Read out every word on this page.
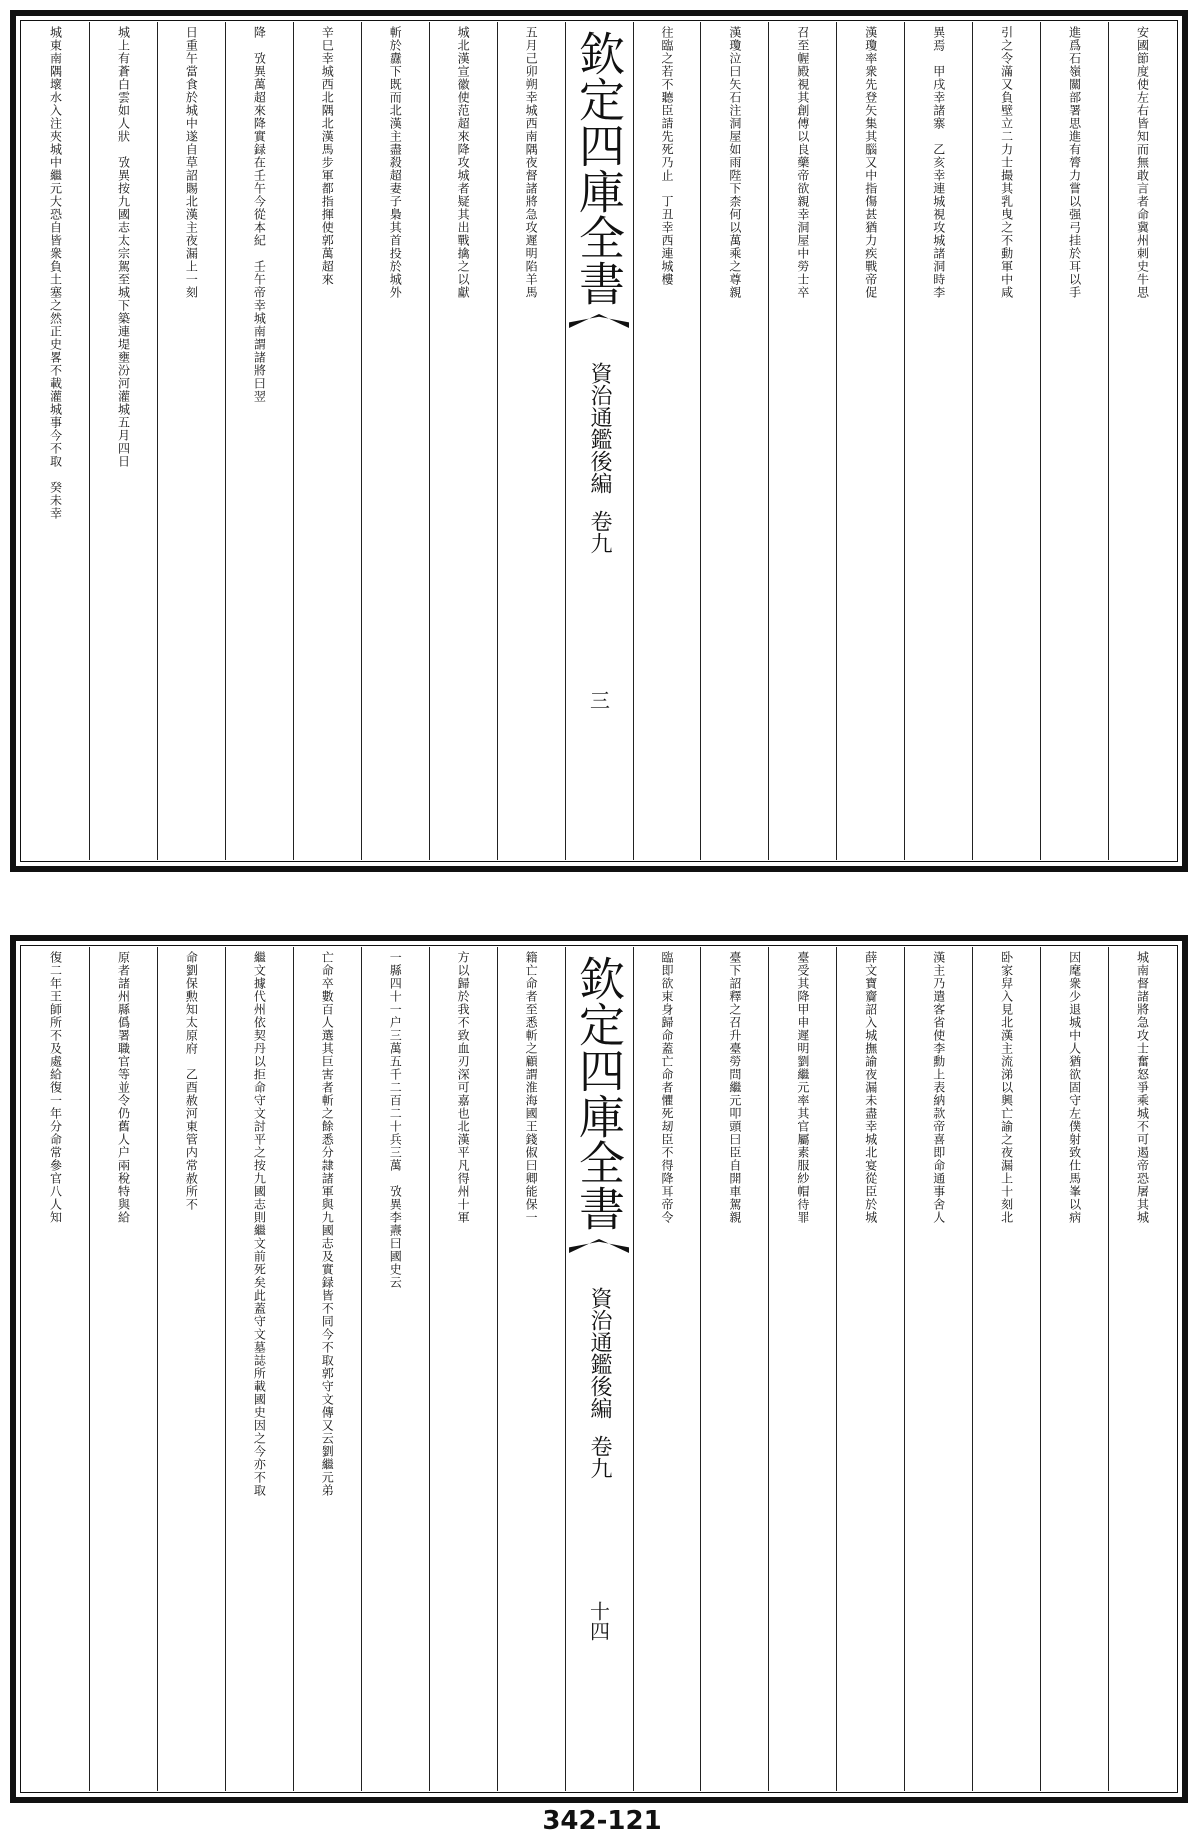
安國節度使左右皆知而無敢言者命冀州刺史牛思
進爲石嶺關部署思進有膂力嘗以强弓挂於耳以手
引之令滿又負壁立二力士撮其乳曳之不動軍中咸
異焉　甲戌幸諸寨　乙亥幸連城視攻城諸洞時李
漢瓊率衆先登矢集其腦又中指傷甚猶力疾戰帝促
召至幄殿視其創傅以良藥帝欲親幸洞屋中勞士卒
漢瓊泣曰矢石注洞屋如雨陛下柰何以萬乘之尊親
往臨之若不聽臣請先死乃止　丁丑幸西連城樓
欽定四庫全書
資治通鑑後編
卷九
三
五月己卯朔幸城西南隅夜督諸將急攻遲明陷羊馬
城北漢宣徽使范超來降攻城者疑其出戰擒之以獻
斬於纛下既而北漢主盡殺超妻子梟其首投於城外
辛巳幸城西北隅北漢馬步軍都指揮使郭萬超來
降　攷異萬超來降實録在壬午今從本紀　壬午帝幸城南謂諸將曰翌
日重午當食於城中遂自草詔賜北漢主夜漏上一刻
城上有蒼白雲如人狀　攷異按九國志太宗駕至城下築連堤壅汾河灌城五月四日
城東南隅壞水入注夾城中繼元大恐自皆衆負土塞之然正史畧不載灌城事今不取　癸未幸
城南督諸將急攻士奮怒爭乘城不可遏帝恐屠其城
因麾衆少退城中人猶欲固守左僕射致仕馬峯以病
卧家舁入見北漢主流涕以興亡諭之夜漏上十刻北
漢主乃遣客省使李勳上表納款帝喜即命通事舍人
薛文寶齎詔入城撫諭夜漏未盡幸城北宴從臣於城
臺受其降甲申遲明劉繼元率其官屬素服紗帽待罪
臺下詔釋之召升臺勞問繼元叩頭曰臣自開車駕親
臨即欲束身歸命蓋亡命者懼死刼臣不得降耳帝令
欽定四庫全書
資治通鑑後編
卷九
十四
籍亡命者至悉斬之顧謂淮海國王錢俶曰卿能保一
方以歸於我不致血刃深可嘉也北漢平凡得州十軍
一縣四十一户三萬五千二百二十兵三萬　攷異李燾曰國史云
亡命卒數百人選其巨害者斬之餘悉分隷諸軍與九國志及實録皆不同今不取郭守文傳又云劉繼元弟
繼文據代州依契丹以拒命守文討平之按九國志則繼文前死矣此蓋守文墓誌所載國史因之今亦不取
命劉保勲知太原府　乙酉赦河東管内常赦所不
原者諸州縣僞署職官等並令仍舊人户兩稅特與給
復二年王師所不及處給復一年分命常參官八人知
342-121
